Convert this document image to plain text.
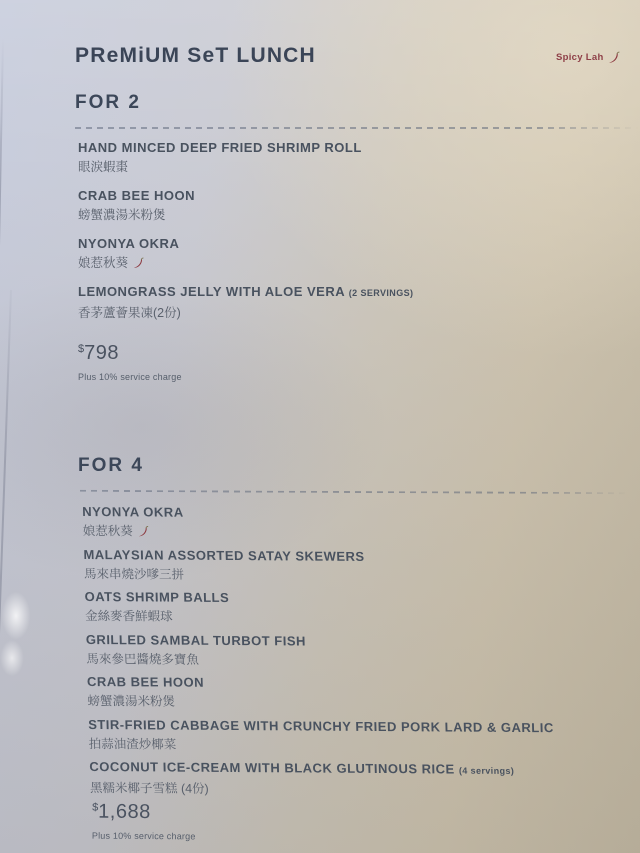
PReMiUM SeT LUNCH	Spicy Lah
FOR 2
HAND MINCED DEEP FRIED SHRIMP ROLL
眼淚蝦棗
CRAB BEE HOON
螃蟹濃湯米粉煲
NYONYA OKRA
娘惹秋葵
LEMONGRASS JELLY WITH ALOE VERA (2 SERVINGS)
香茅蘆薈果凍(2份)
$798
Plus 10% service charge
FOR 4
NYONYA OKRA
娘惹秋葵
MALAYSIAN ASSORTED SATAY SKEWERS
馬來串燒沙嗲三拼
OATS SHRIMP BALLS
金絲麥香鮮蝦球
GRILLED SAMBAL TURBOT FISH
馬來參巴醬燒多寶魚
CRAB BEE HOON
螃蟹濃湯米粉煲
STIR-FRIED CABBAGE WITH CRUNCHY FRIED PORK LARD & GARLIC
拍蒜油渣炒椰菜
COCONUT ICE-CREAM WITH BLACK GLUTINOUS RICE (4 servings)
黑糯米椰子雪糕 (4份)
$1,688
Plus 10% service charge
